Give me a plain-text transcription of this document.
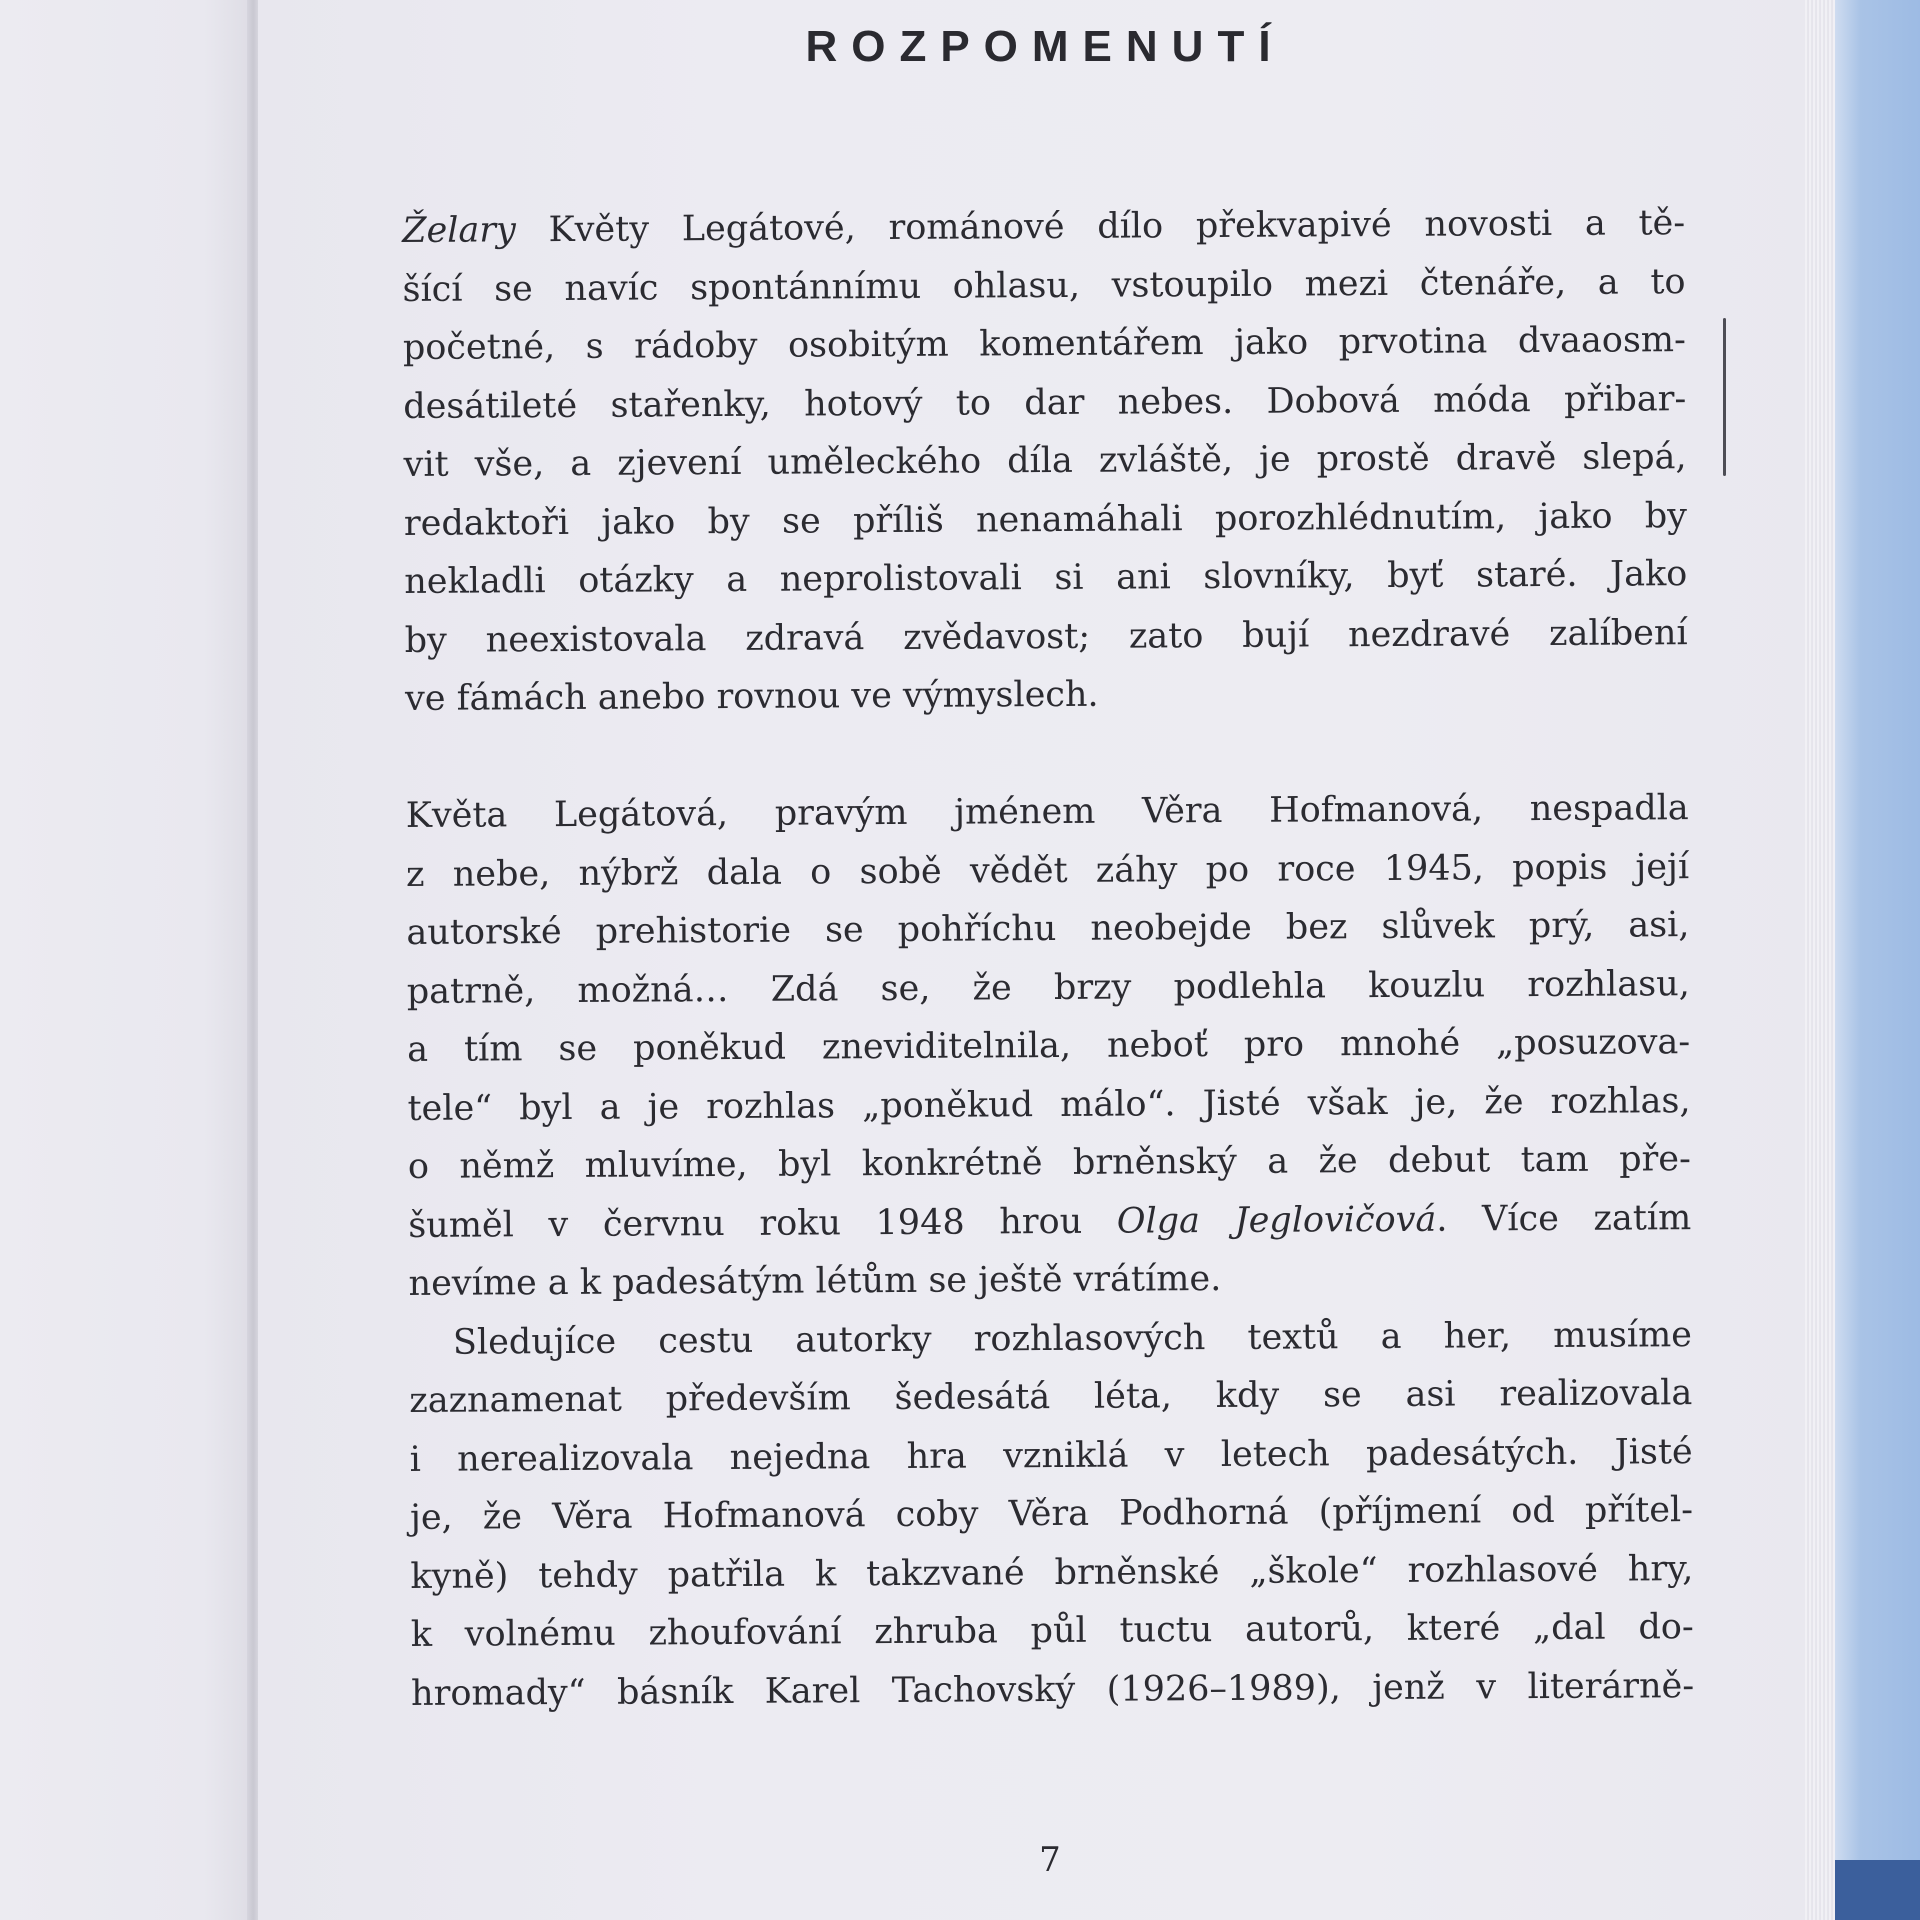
ROZPOMENUTÍ
Želary Květy Legátové, románové dílo překvapivé novosti a tě-
šící se navíc spontánnímu ohlasu, vstoupilo mezi čtenáře, a to
početné, s rádoby osobitým komentářem jako prvotina dvaaosm-
desátileté stařenky, hotový to dar nebes. Dobová móda přibar-
vit vše, a zjevení uměleckého díla zvláště, je prostě dravě slepá,
redaktoři jako by se příliš nenamáhali porozhlédnutím, jako by
nekladli otázky a neprolistovali si ani slovníky, byť staré. Jako
by neexistovala zdravá zvědavost; zato bují nezdravé zalíbení
ve fámách anebo rovnou ve výmyslech.
Květa Legátová, pravým jménem Věra Hofmanová, nespadla
z nebe, nýbrž dala o sobě vědět záhy po roce 1945, popis její
autorské prehistorie se pohříchu neobejde bez slůvek prý, asi,
patrně, možná… Zdá se, že brzy podlehla kouzlu rozhlasu,
a tím se poněkud zneviditelnila, neboť pro mnohé „posuzova-
tele“ byl a je rozhlas „poněkud málo“. Jisté však je, že rozhlas,
o němž mluvíme, byl konkrétně brněnský a že debut tam pře-
šuměl v červnu roku 1948 hrou Olga Jeglovičová. Více zatím
nevíme a k padesátým létům se ještě vrátíme.
Sledujíce cestu autorky rozhlasových textů a her, musíme
zaznamenat především šedesátá léta, kdy se asi realizovala
i nerealizovala nejedna hra vzniklá v letech padesátých. Jisté
je, že Věra Hofmanová coby Věra Podhorná (příjmení od přítel-
kyně) tehdy patřila k takzvané brněnské „škole“ rozhlasové hry,
k volnému zhoufování zhruba půl tuctu autorů, které „dal do-
hromady“ básník Karel Tachovský (1926–1989), jenž v literárně-
7
